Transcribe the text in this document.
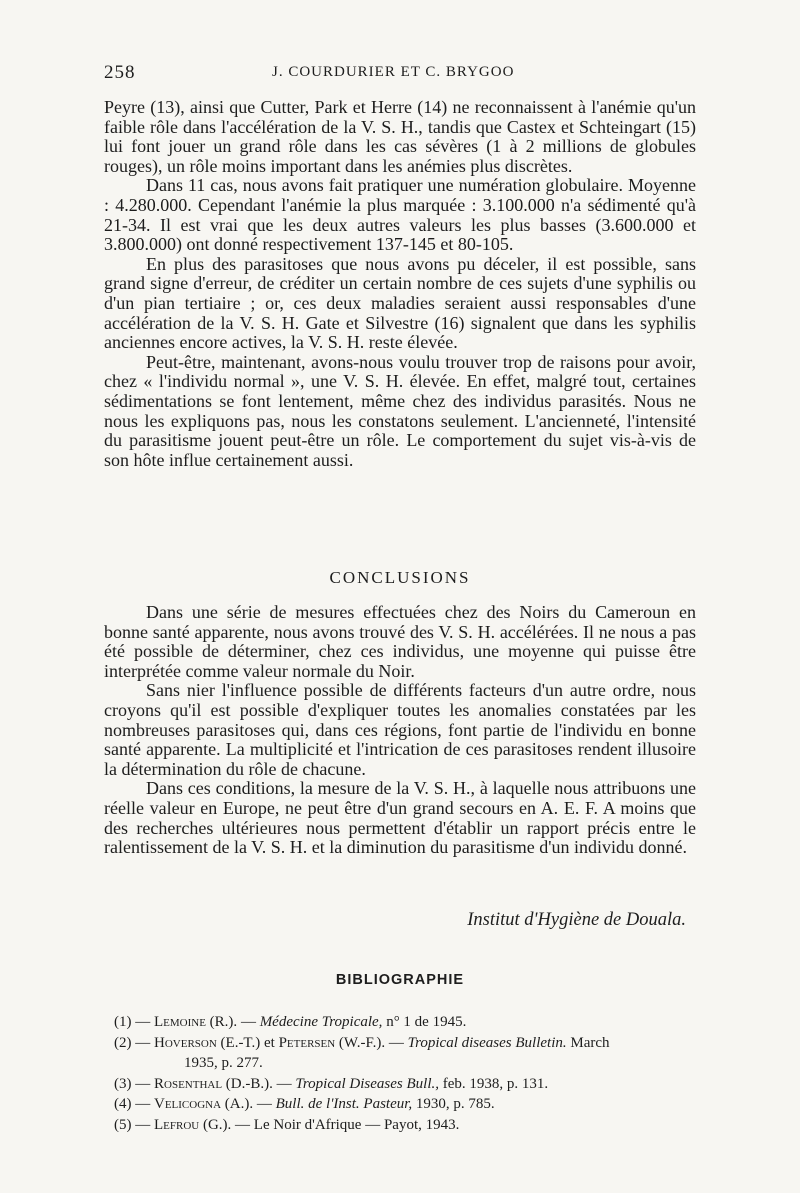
258	J. COURDURIER ET C. BRYGOO

Peyre (13), ainsi que Cutter, Park et Herre (14) ne reconnaissent à l'anémie qu'un faible rôle dans l'accélération de la V. S. H., tandis que Castex et Schteingart (15) lui font jouer un grand rôle dans les cas sévères (1 à 2 millions de globules rouges), un rôle moins important dans les anémies plus discrètes.

Dans 11 cas, nous avons fait pratiquer une numération globulaire. Moyenne : 4.280.000. Cependant l'anémie la plus marquée : 3.100.000 n'a sédimenté qu'à 21-34. Il est vrai que les deux autres valeurs les plus basses (3.600.000 et 3.800.000) ont donné respectivement 137-145 et 80-105.

En plus des parasitoses que nous avons pu déceler, il est possible, sans grand signe d'erreur, de créditer un certain nombre de ces sujets d'une syphilis ou d'un pian tertiaire ; or, ces deux maladies seraient aussi responsables d'une accélération de la V. S. H. Gate et Silvestre (16) signalent que dans les syphilis anciennes encore actives, la V. S. H. reste élevée.

Peut-être, maintenant, avons-nous voulu trouver trop de raisons pour avoir, chez « l'individu normal », une V. S. H. élevée. En effet, malgré tout, certaines sédimentations se font lentement, même chez des individus parasités. Nous ne nous les expliquons pas, nous les constatons seulement. L'ancienneté, l'intensité du parasitisme jouent peut-être un rôle. Le comportement du sujet vis-à-vis de son hôte influe certainement aussi.

CONCLUSIONS

Dans une série de mesures effectuées chez des Noirs du Cameroun en bonne santé apparente, nous avons trouvé des V. S. H. accélérées. Il ne nous a pas été possible de déterminer, chez ces individus, une moyenne qui puisse être interprétée comme valeur normale du Noir.

Sans nier l'influence possible de différents facteurs d'un autre ordre, nous croyons qu'il est possible d'expliquer toutes les anomalies constatées par les nombreuses parasitoses qui, dans ces régions, font partie de l'individu en bonne santé apparente. La multiplicité et l'intrication de ces parasitoses rendent illusoire la détermination du rôle de chacune.

Dans ces conditions, la mesure de la V. S. H., à laquelle nous attribuons une réelle valeur en Europe, ne peut être d'un grand secours en A. E. F. A moins que des recherches ultérieures nous permettent d'établir un rapport précis entre le ralentissement de la V. S. H. et la diminution du parasitisme d'un individu donné.

Institut d'Hygiène de Douala.
BIBLIOGRAPHIE
(1) — Lemoine (R.). — Médecine Tropicale, n° 1 de 1945.
(2) — Hoverson (E.-T.) et Petersen (W.-F.). — Tropical diseases Bulletin. March
1935, p. 277.
(3) — Rosenthal (D.-B.). — Tropical Diseases Bull., feb. 1938, p. 131.
(4) — Velicogna (A.). — Bull. de l'Inst. Pasteur, 1930, p. 785.
(5) — Lefrou (G.). — Le Noir d'Afrique — Payot, 1943.
